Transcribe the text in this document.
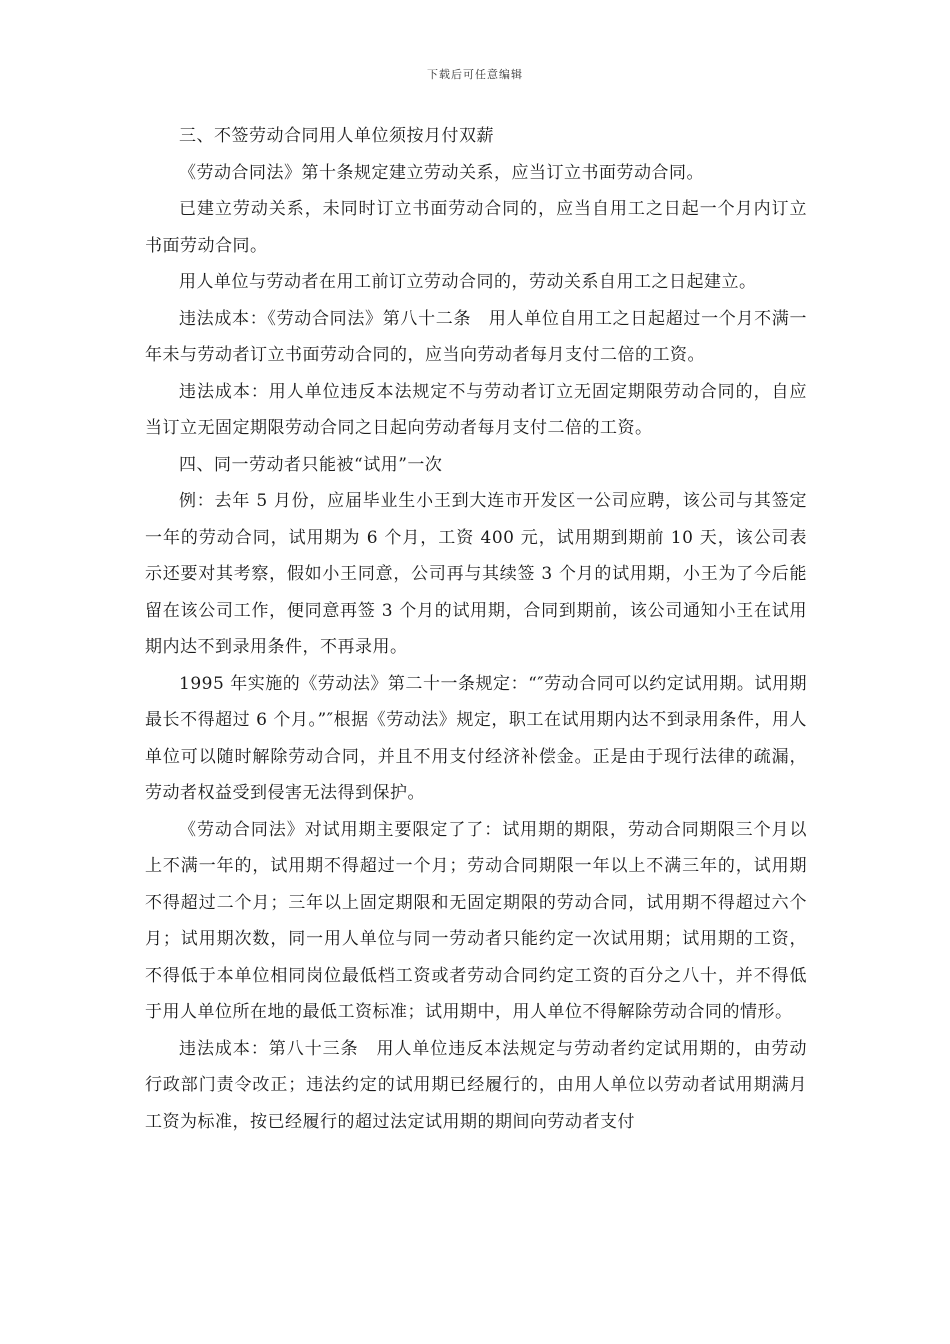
下载后可任意编辑

三、不签劳动合同用人单位须按月付双薪

《劳动合同法》第十条规定建立劳动关系，应当订立书面劳动合同。

已建立劳动关系，未同时订立书面劳动合同的，应当自用工之日起一个月内订立书面劳动合同。

用人单位与劳动者在用工前订立劳动合同的，劳动关系自用工之日起建立。

违法成本：《劳动合同法》第八十二条　用人单位自用工之日起超过一个月不满一年未与劳动者订立书面劳动合同的，应当向劳动者每月支付二倍的工资。

违法成本：用人单位违反本法规定不与劳动者订立无固定期限劳动合同的，自应当订立无固定期限劳动合同之日起向劳动者每月支付二倍的工资。

四、同一劳动者只能被“试用”一次

例：去年 5 月份，应届毕业生小王到大连市开发区一公司应聘，该公司与其签定一年的劳动合同，试用期为 6 个月，工资 400 元，试用期到期前 10 天，该公司表示还要对其考察，假如小王同意，公司再与其续签 3 个月的试用期，小王为了今后能留在该公司工作，便同意再签 3 个月的试用期，合同到期前，该公司通知小王在试用期内达不到录用条件，不再录用。

1995 年实施的《劳动法》第二十一条规定：“″劳动合同可以约定试用期。试用期最长不得超过 6 个月。”″根据《劳动法》规定，职工在试用期内达不到录用条件，用人单位可以随时解除劳动合同，并且不用支付经济补偿金。正是由于现行法律的疏漏，劳动者权益受到侵害无法得到保护。

《劳动合同法》对试用期主要限定了了：试用期的期限，劳动合同期限三个月以上不满一年的，试用期不得超过一个月；劳动合同期限一年以上不满三年的，试用期不得超过二个月；三年以上固定期限和无固定期限的劳动合同，试用期不得超过六个月；试用期次数，同一用人单位与同一劳动者只能约定一次试用期；试用期的工资，不得低于本单位相同岗位最低档工资或者劳动合同约定工资的百分之八十，并不得低于用人单位所在地的最低工资标准；试用期中，用人单位不得解除劳动合同的情形。

违法成本：第八十三条　用人单位违反本法规定与劳动者约定试用期的，由劳动行政部门责令改正；违法约定的试用期已经履行的，由用人单位以劳动者试用期满月工资为标准，按已经履行的超过法定试用期的期间向劳动者支付
